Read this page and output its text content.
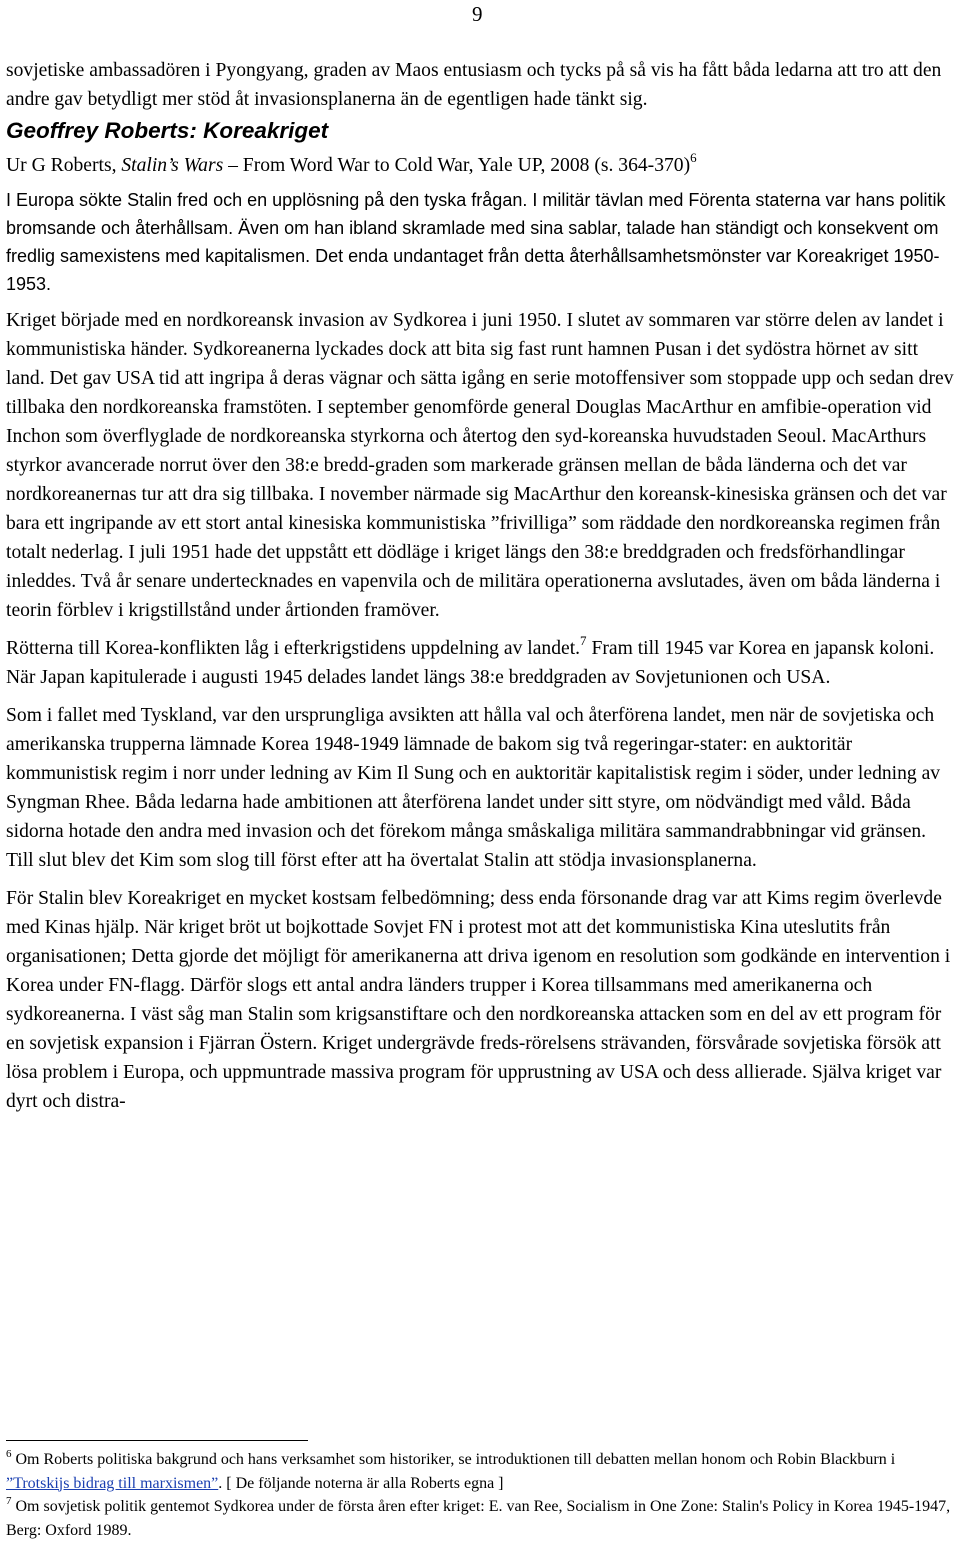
9

sovjetiske ambassadören i Pyongyang, graden av Maos entusiasm och tycks på så vis ha fått båda ledarna att tro att den andre gav betydligt mer stöd åt invasionsplanerna än de egentligen hade tänkt sig.

Geoffrey Roberts: Koreakriget

Ur G Roberts, Stalin’s Wars – From Word War to Cold War, Yale UP, 2008 (s. 364-370)$^6$

I Europa sökte Stalin fred och en upplösning på den tyska frågan. I militär tävlan med Förenta staterna var hans politik bromsande och återhållsam. Även om han ibland skramlade med sina sablar, talade han ständigt och konsekvent om fredlig samexistens med kapitalismen. Det enda undantaget från detta återhållsamhetsmönster var Koreakriget 1950-1953.

Kriget började med en nordkoreansk invasion av Sydkorea i juni 1950. I slutet av sommaren var större delen av landet i kommunistiska händer. Sydkoreanerna lyckades dock att bita sig fast runt hamnen Pusan i det sydöstra hörnet av sitt land. Det gav USA tid att ingripa å deras vägnar och sätta igång en serie motoffensiver som stoppade upp och sedan drev tillbaka den nordkoreanska framstöten. I september genomförde general Douglas MacArthur en amfibie-operation vid Inchon som överflyglade de nordkoreanska styrkorna och återtog den syd-koreanska huvudstaden Seoul. MacArthurs styrkor avancerade norrut över den 38:e bredd-graden som markerade gränsen mellan de båda länderna och det var nordkoreanernas tur att dra sig tillbaka. I november närmade sig MacArthur den koreansk-kinesiska gränsen och det var bara ett ingripande av ett stort antal kinesiska kommunistiska ”frivilliga” som räddade den nordkoreanska regimen från totalt nederlag. I juli 1951 hade det uppstått ett dödläge i kriget längs den 38:e breddgraden och fredsförhandlingar inleddes. Två år senare undertecknades en vapenvila och de militära operationerna avslutades, även om båda länderna i teorin förblev i krigstillstånd under årtionden framöver.

Rötterna till Korea-konflikten låg i efterkrigstidens uppdelning av landet.$^7$ Fram till 1945 var Korea en japansk koloni. När Japan kapitulerade i augusti 1945 delades landet längs 38:e breddgraden av Sovjetunionen och USA.

Som i fallet med Tyskland, var den ursprungliga avsikten att hålla val och återförena landet, men när de sovjetiska och amerikanska trupperna lämnade Korea 1948-1949 lämnade de bakom sig två regeringar-stater: en auktoritär kommunistisk regim i norr under ledning av Kim Il Sung och en auktoritär kapitalistisk regim i söder, under ledning av Syngman Rhee. Båda ledarna hade ambitionen att återförena landet under sitt styre, om nödvändigt med våld. Båda sidorna hotade den andra med invasion och det förekom många småskaliga militära sammandrabbningar vid gränsen. Till slut blev det Kim som slog till först efter att ha övertalat Stalin att stödja invasionsplanerna.

För Stalin blev Koreakriget en mycket kostsam felbedömning; dess enda försonande drag var att Kims regim överlevde med Kinas hjälp. När kriget bröt ut bojkottade Sovjet FN i protest mot att det kommunistiska Kina uteslutits från organisationen; Detta gjorde det möjligt för amerikanerna att driva igenom en resolution som godkände en intervention i Korea under FN-flagg. Därför slogs ett antal andra länders trupper i Korea tillsammans med amerikanerna och sydkoreanerna. I väst såg man Stalin som krigsanstiftare och den nordkoreanska attacken som en del av ett program för en sovjetisk expansion i Fjärran Östern. Kriget undergrävde freds-rörelsens strävanden, försvårade sovjetiska försök att lösa problem i Europa, och uppmuntrade massiva program för upprustning av USA och dess allierade. Själva kriget var dyrt och distra-

$^6$ Om Roberts politiska bakgrund och hans verksamhet som historiker, se introduktionen till debatten mellan honom och Robin Blackburn i ”Trotskijs bidrag till marxismen”. [ De följande noterna är alla Roberts egna ]

$^7$ Om sovjetisk politik gentemot Sydkorea under de första åren efter kriget: E. van Ree, Socialism in One Zone: Stalin's Policy in Korea 1945-1947, Berg: Oxford 1989.
